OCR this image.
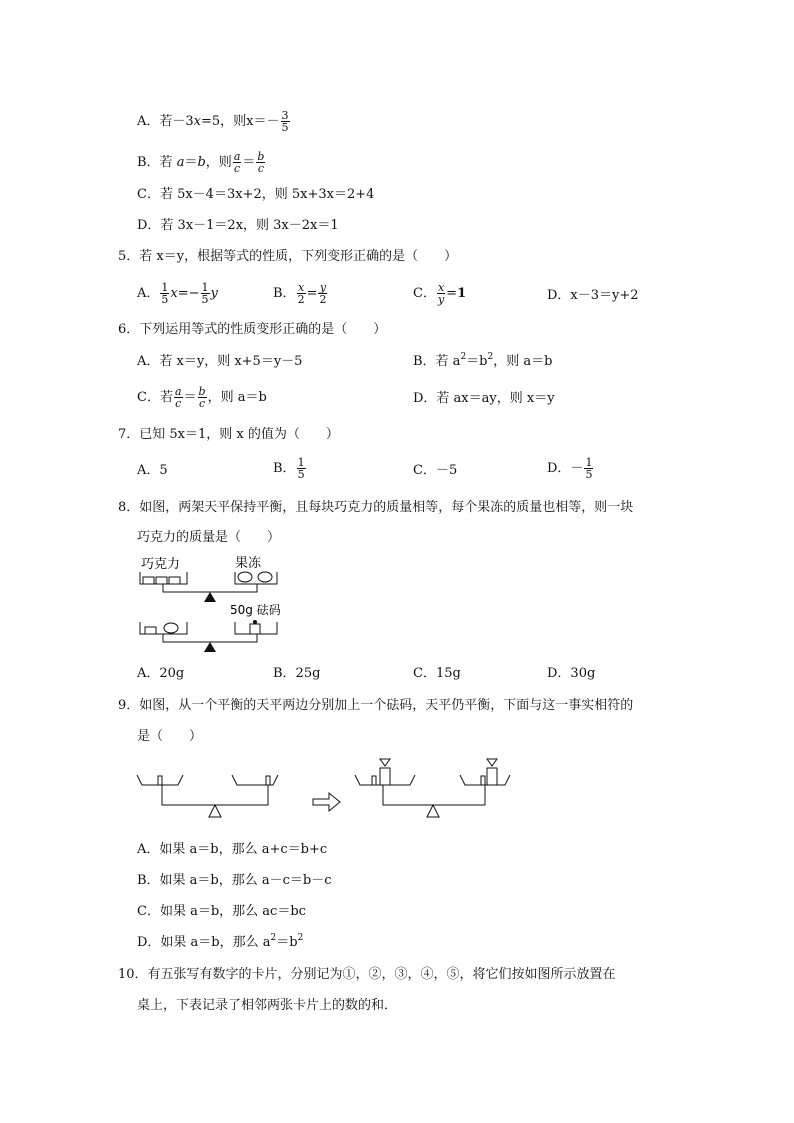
A．若－3x=5，则$x=- \frac{3}{5}$
B．若 a＝b，则 $\frac{a}{c} = \frac{b}{c}$
C．若 5x－4＝3x+2，则 5x+3x＝2+4
D．若 3x－1＝2x，则 3x－2x＝1
5．若 x＝y，根据等式的性质，下列变形正确的是（　　）
A． $\frac{1}{5} x=- \frac{1}{5}$ y	B． $\frac{x}{2} = \frac{y}{2}$	C． $\frac{x}{y} =1$	D．x－3＝y+2
6．下列运用等式的性质变形正确的是（　　）
A．若 x＝y，则 x+5＝y－5	B．若 $a^2=b^2$，则 a＝b
C．若 $\frac{a}{c} = \frac{b}{c}$ ，则 a＝b	D．若 ax＝ay，则 x＝y
7．已知 5x＝1，则 x 的值为（　　）
A．5	B． $\frac{1}{5}$	C．－5	D．－ $\frac{1}{5}$
8．如图，两架天平保持平衡，且每块巧克力的质量相等，每个果冻的质量也相等，则一块
巧克力的质量是（　　）
巧克力	果冻
50g 砝码
A．20g	B．25g	C．15g	D．30g
9．如图，从一个平衡的天平两边分别加上一个砝码，天平仍平衡，下面与这一事实相符的
是（　　）
A．如果 a＝b，那么 a+c＝b+c
B．如果 a＝b，那么 a－c＝b－c
C．如果 a＝b，那么 ac＝bc
D．如果 a＝b，那么 $a^2=b^2$
10．有五张写有数字的卡片，分别记为①，②，③，④，⑤，将它们按如图所示放置在
桌上，下表记录了相邻两张卡片上的数的和．
